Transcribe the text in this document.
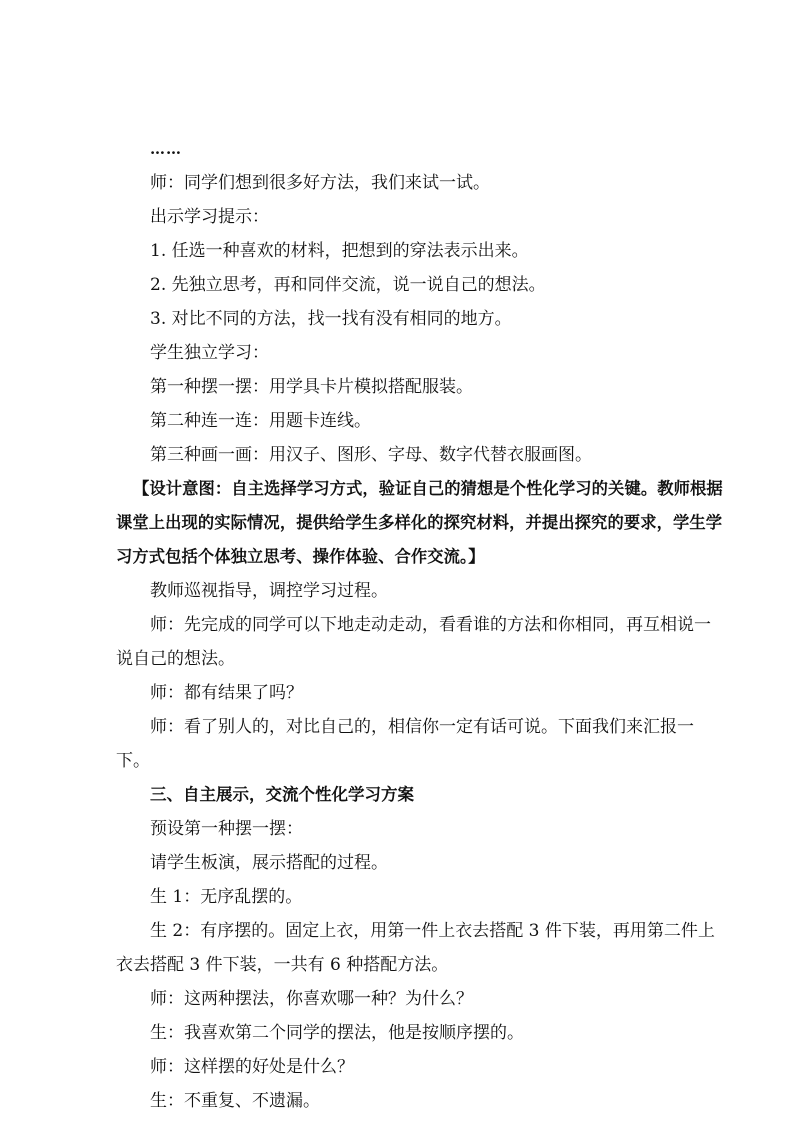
……

师：同学们想到很多好方法，我们来试一试。

出示学习提示：

1. 任选一种喜欢的材料，把想到的穿法表示出来。

2. 先独立思考，再和同伴交流，说一说自己的想法。

3. 对比不同的方法，找一找有没有相同的地方。

学生独立学习：

第一种摆一摆：用学具卡片模拟搭配服装。

第二种连一连：用题卡连线。

第三种画一画：用汉子、图形、字母、数字代替衣服画图。

【设计意图：自主选择学习方式，验证自己的猜想是个性化学习的关键。教师根据课堂上出现的实际情况，提供给学生多样化的探究材料，并提出探究的要求，学生学习方式包括个体独立思考、操作体验、合作交流。】

教师巡视指导，调控学习过程。

师：先完成的同学可以下地走动走动，看看谁的方法和你相同，再互相说一说自己的想法。

师：都有结果了吗？

师：看了别人的，对比自己的，相信你一定有话可说。下面我们来汇报一下。

三、自主展示，交流个性化学习方案

预设第一种摆一摆：

请学生板演，展示搭配的过程。

生 1：无序乱摆的。

生 2：有序摆的。固定上衣，用第一件上衣去搭配 3 件下装，再用第二件上衣去搭配 3 件下装，一共有 6 种搭配方法。

师：这两种摆法，你喜欢哪一种？为什么？

生：我喜欢第二个同学的摆法，他是按顺序摆的。

师：这样摆的好处是什么？

生：不重复、不遗漏。
